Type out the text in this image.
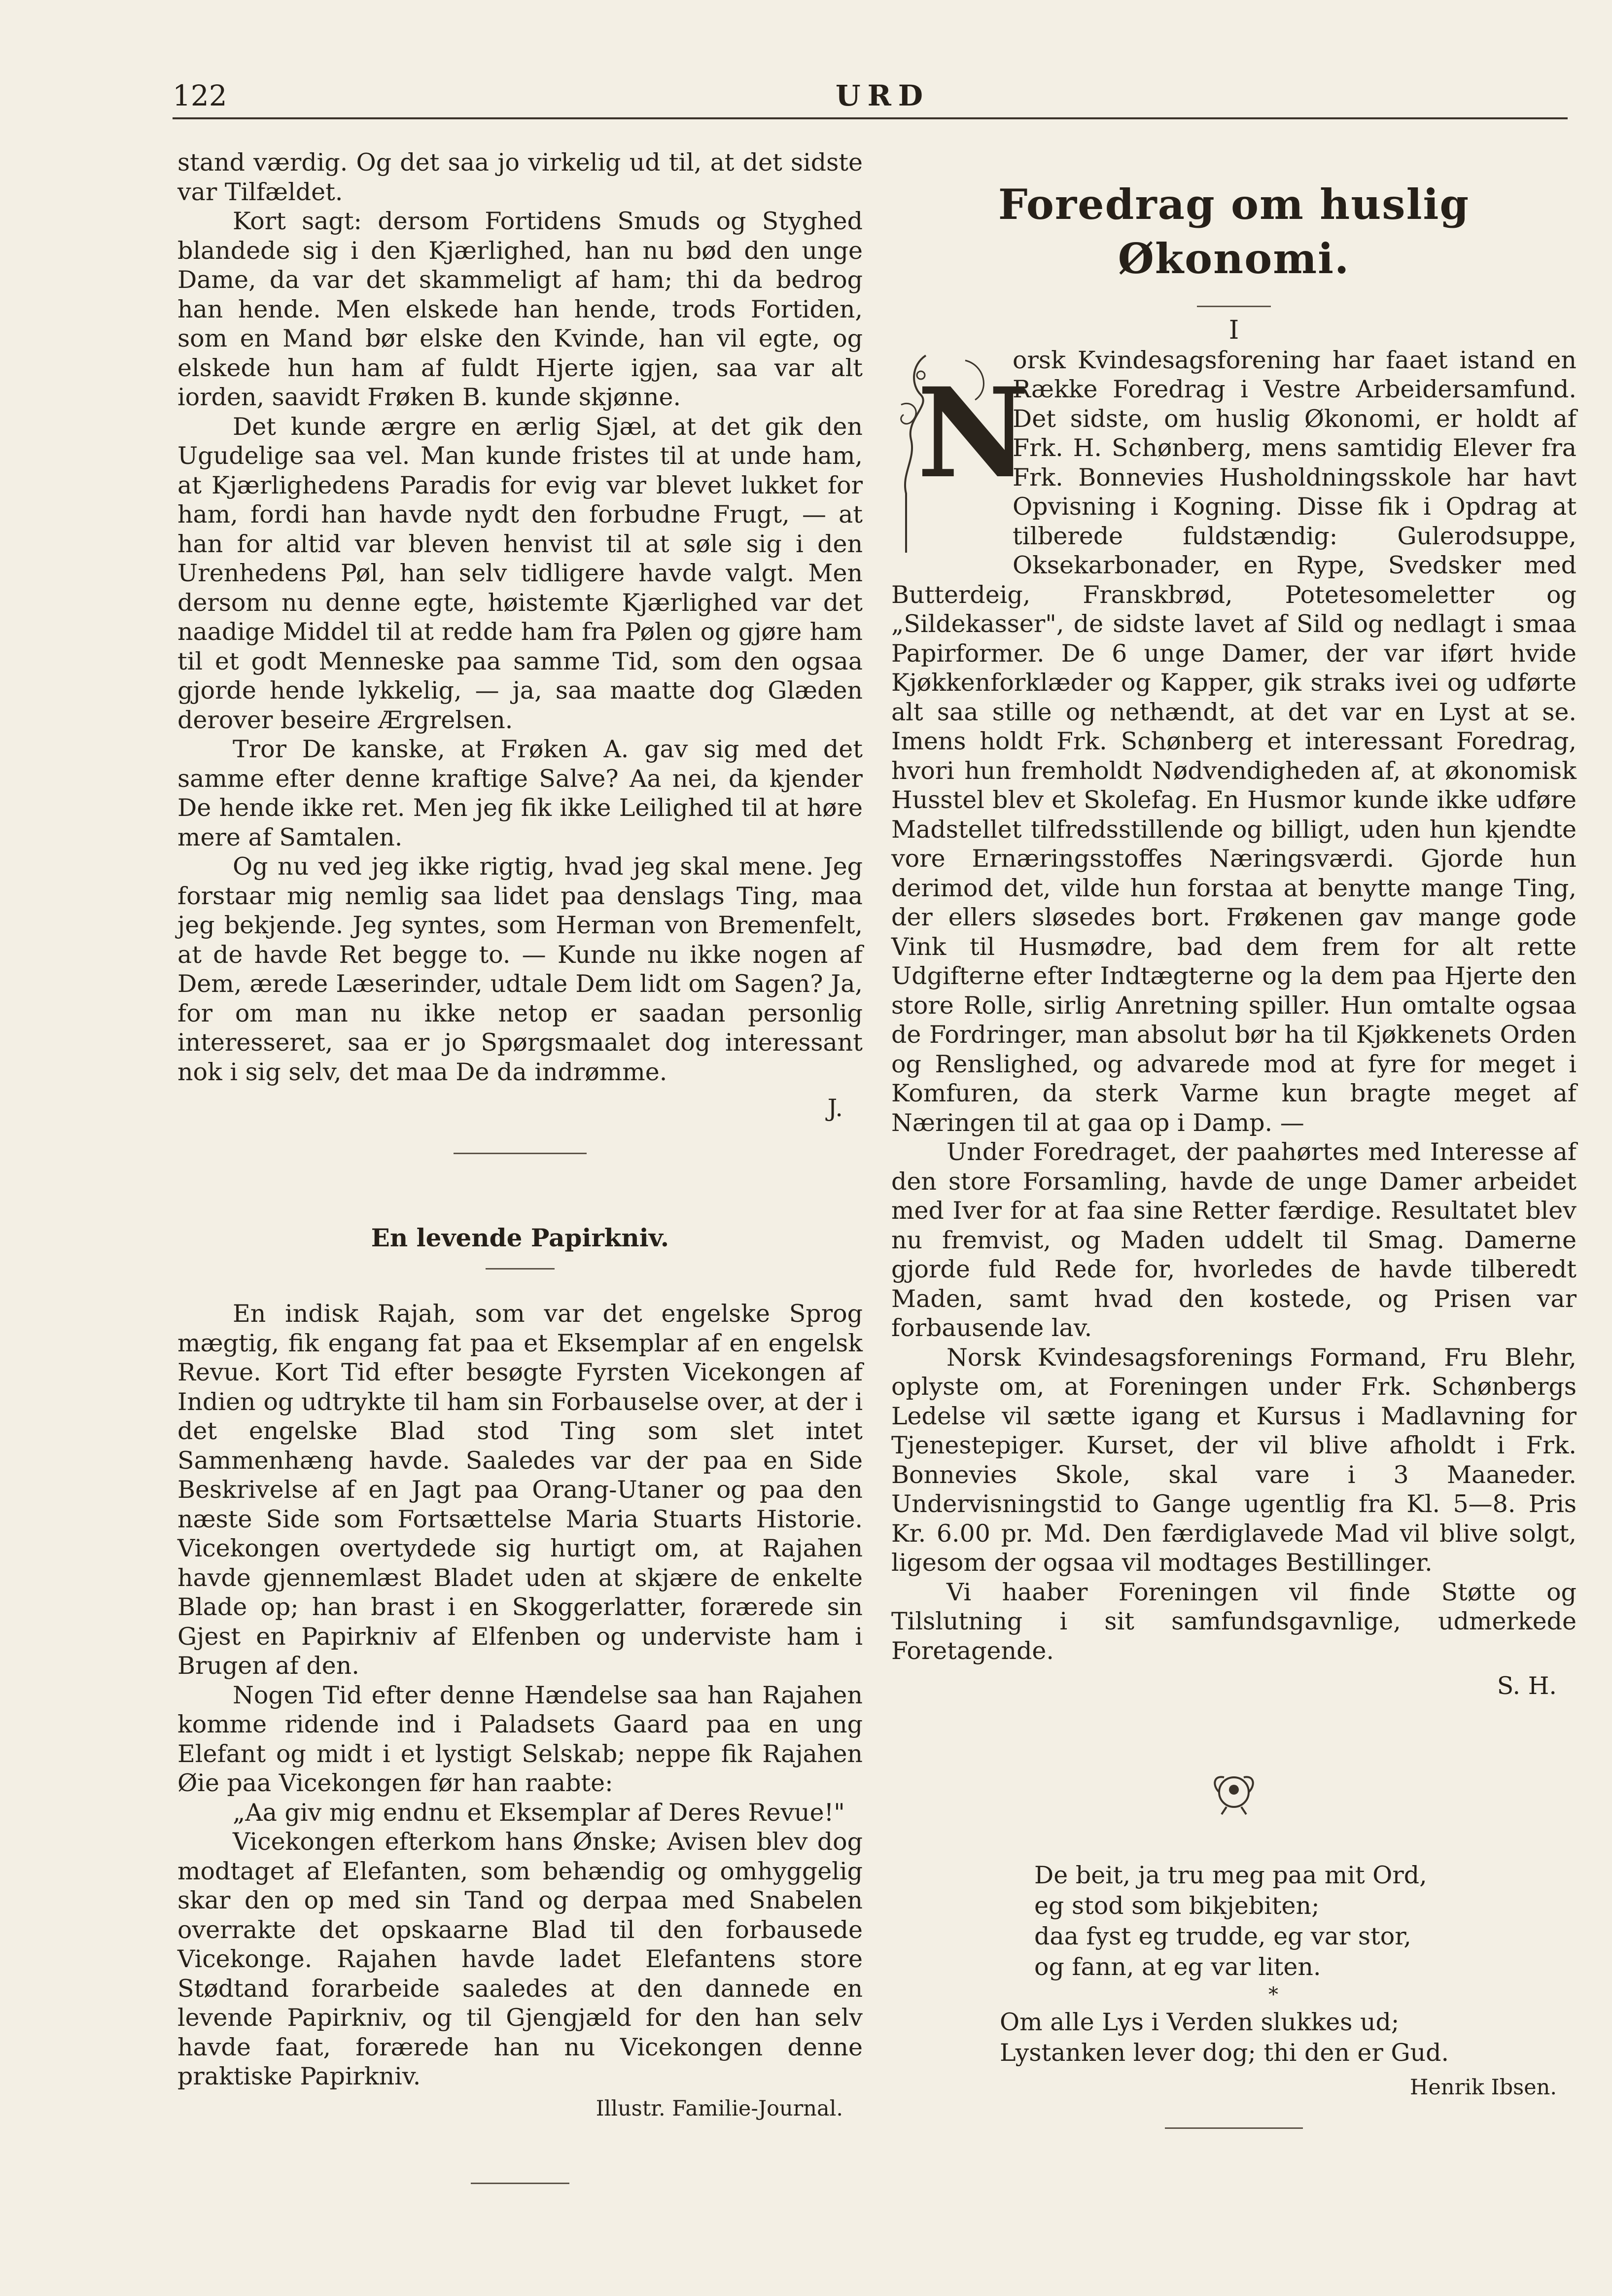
122	URD

stand værdig. Og det saa jo virkelig ud til, at det sidste var Tilfældet.

Kort sagt: dersom Fortidens Smuds og Styghed blandede sig i den Kjærlighed, han nu bød den unge Dame, da var det skammeligt af ham; thi da bedrog han hende. Men elskede han hende, trods Fortiden, som en Mand bør elske den Kvinde, han vil egte, og elskede hun ham af fuldt Hjerte igjen, saa var alt iorden, saavidt Frøken B. kunde skjønne.

Det kunde ærgre en ærlig Sjæl, at det gik den Ugudelige saa vel. Man kunde fristes til at unde ham, at Kjærlighedens Paradis for evig var blevet lukket for ham, fordi han havde nydt den forbudne Frugt, — at han for altid var bleven henvist til at søle sig i den Urenhedens Pøl, han selv tidligere havde valgt. Men dersom nu denne egte, høistemte Kjærlighed var det naadige Middel til at redde ham fra Pølen og gjøre ham til et godt Menneske paa samme Tid, som den ogsaa gjorde hende lykkelig, — ja, saa maatte dog Glæden derover beseire Ærgrelsen.

Tror De kanske, at Frøken A. gav sig med det samme efter denne kraftige Salve? Aa nei, da kjender De hende ikke ret. Men jeg fik ikke Leilighed til at høre mere af Samtalen.

Og nu ved jeg ikke rigtig, hvad jeg skal mene. Jeg forstaar mig nemlig saa lidet paa denslags Ting, maa jeg bekjende. Jeg syntes, som Herman von Bremenfelt, at de havde Ret begge to. — Kunde nu ikke nogen af Dem, ærede Læserinder, udtale Dem lidt om Sagen? Ja, for om man nu ikke netop er saadan personlig interesseret, saa er jo Spørgsmaalet dog interessant nok i sig selv, det maa De da indrømme.

J.

En levende Papirkniv.

En indisk Rajah, som var det engelske Sprog mægtig, fik engang fat paa et Eksemplar af en engelsk Revue. Kort Tid efter besøgte Fyrsten Vicekongen af Indien og udtrykte til ham sin Forbauselse over, at der i det engelske Blad stod Ting som slet intet Sammenhæng havde. Saaledes var der paa en Side Beskrivelse af en Jagt paa Orang-Utaner og paa den næste Side som Fortsættelse Maria Stuarts Historie. Vicekongen overtydede sig hurtigt om, at Rajahen havde gjennemlæst Bladet uden at skjære de enkelte Blade op; han brast i en Skoggerlatter, forærede sin Gjest en Papirkniv af Elfenben og underviste ham i Brugen af den.

Nogen Tid efter denne Hændelse saa han Rajahen komme ridende ind i Paladsets Gaard paa en ung Elefant og midt i et lystigt Selskab; neppe fik Rajahen Øie paa Vicekongen før han raabte:

„Aa giv mig endnu et Eksemplar af Deres Revue!"

Vicekongen efterkom hans Ønske; Avisen blev dog modtaget af Elefanten, som behændig og omhyggelig skar den op med sin Tand og derpaa med Snabelen overrakte det opskaarne Blad til den forbausede Vicekonge. Rajahen havde ladet Elefantens store Stødtand forarbeide saaledes at den dannede en levende Papirkniv, og til Gjengjæld for den han selv havde faat, forærede han nu Vicekongen denne praktiske Papirkniv.

Illustr. Familie-Journal.

Foredrag om huslig Økonomi.
I
N

orsk Kvindesagsforening har faaet istand en Række Foredrag i Vestre Arbeidersamfund. Det sidste, om huslig Økonomi, er holdt af Frk. H. Schønberg, mens samtidig Elever fra Frk. Bonnevies Husholdningsskole har havt Opvisning i Kogning. Disse fik i Opdrag at tilberede fuldstændig: Gulerodsuppe, Oksekarbonader, en Rype, Svedsker med Butterdeig, Franskbrød, Potetesomeletter og „Sildekasser", de sidste lavet af Sild og nedlagt i smaa Papirformer. De 6 unge Damer, der var iført hvide Kjøkkenforklæder og Kapper, gik straks ivei og udførte alt saa stille og nethændt, at det var en Lyst at se. Imens holdt Frk. Schønberg et interessant Foredrag, hvori hun fremholdt Nødvendigheden af, at økonomisk Husstel blev et Skolefag. En Husmor kunde ikke udføre Madstellet tilfredsstillende og billigt, uden hun kjendte vore Ernæringsstoffes Næringsværdi. Gjorde hun derimod det, vilde hun forstaa at benytte mange Ting, der ellers sløsedes bort. Frøkenen gav mange gode Vink til Husmødre, bad dem frem for alt rette Udgifterne efter Indtægterne og la dem paa Hjerte den store Rolle, sirlig Anretning spiller. Hun omtalte ogsaa de Fordringer, man absolut bør ha til Kjøkkenets Orden og Renslighed, og advarede mod at fyre for meget i Komfuren, da sterk Varme kun bragte meget af Næringen til at gaa op i Damp. —

Under Foredraget, der paahørtes med Interesse af den store Forsamling, havde de unge Damer arbeidet med Iver for at faa sine Retter færdige. Resultatet blev nu fremvist, og Maden uddelt til Smag. Damerne gjorde fuld Rede for, hvorledes de havde tilberedt Maden, samt hvad den kostede, og Prisen var forbausende lav.

Norsk Kvindesagsforenings Formand, Fru Blehr, oplyste om, at Foreningen under Frk. Schønbergs Ledelse vil sætte igang et Kursus i Madlavning for Tjenestepiger. Kurset, der vil blive afholdt i Frk. Bonnevies Skole, skal vare i 3 Maaneder. Undervisningstid to Gange ugentlig fra Kl. 5—8. Pris Kr. 6.00 pr. Md. Den færdiglavede Mad vil blive solgt, ligesom der ogsaa vil modtages Bestillinger.

Vi haaber Foreningen vil finde Støtte og Tilslutning i sit samfundsgavnlige, udmerkede Foretagende.

S. H.

De beit, ja tru meg paa mit Ord,
eg stod som bikjebiten;
daa fyst eg trudde, eg var stor,
og fann, at eg var liten.
*
Om alle Lys i Verden slukkes ud;
Lystanken lever dog; thi den er Gud.

Henrik Ibsen.
